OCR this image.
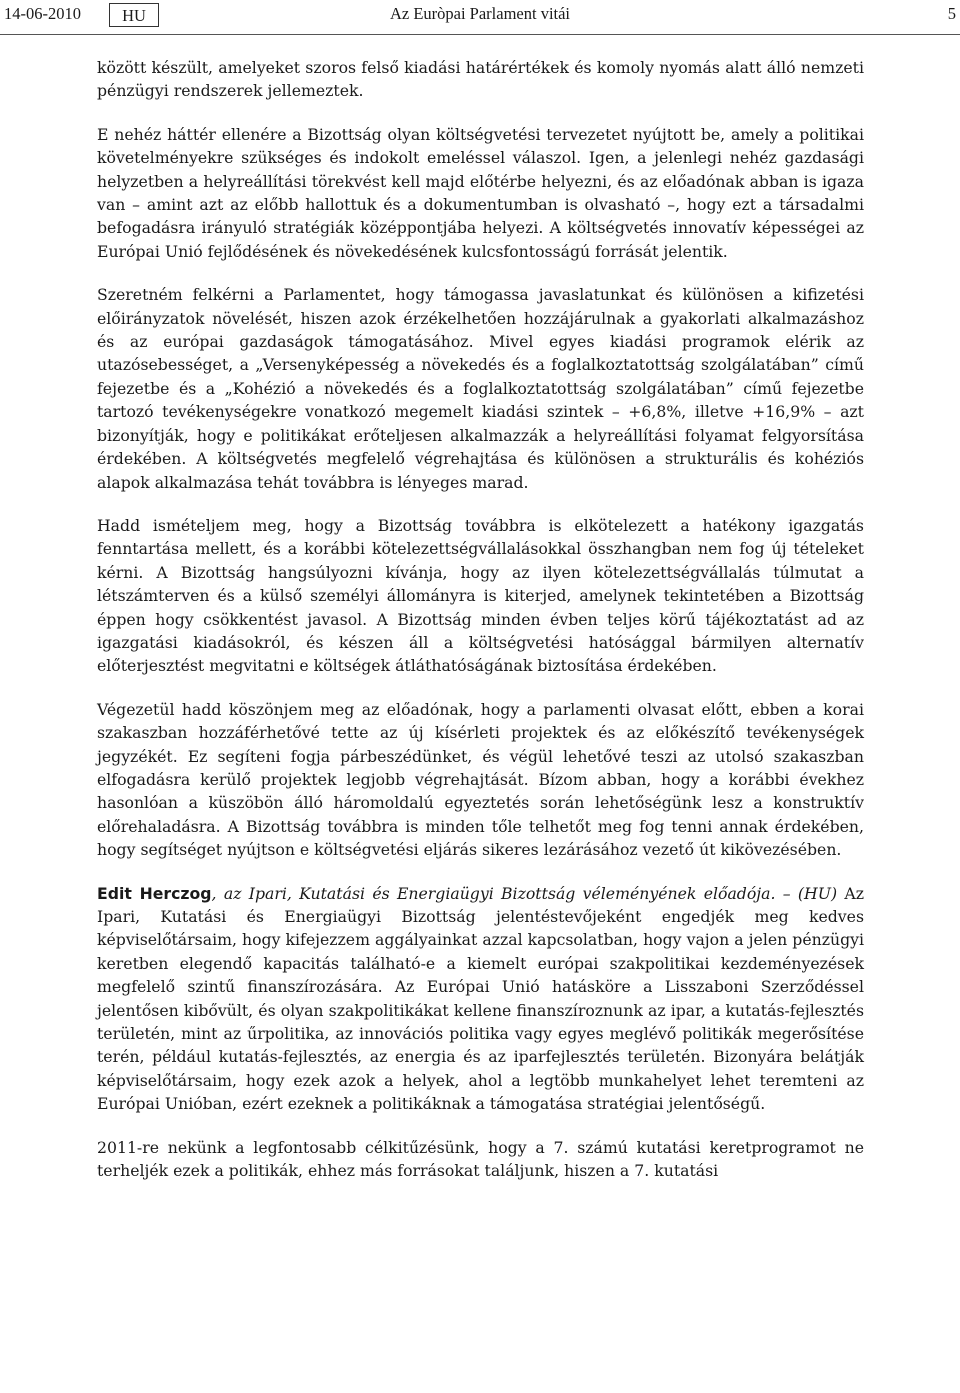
14-06-2010	HU	Az Euròpai Parlament vitái	5

között készült, amelyeket szoros felső kiadási határértékek és komoly nyomás alatt álló nemzeti pénzügyi rendszerek jellemeztek.

E nehéz háttér ellenére a Bizottság olyan költségvetési tervezetet nyújtott be, amely a politikai követelményekre szükséges és indokolt emeléssel válaszol. Igen, a jelenlegi nehéz gazdasági helyzetben a helyreállítási törekvést kell majd előtérbe helyezni, és az előadónak abban is igaza van – amint azt az előbb hallottuk és a dokumentumban is olvasható –, hogy ezt a társadalmi befogadásra irányuló stratégiák középpontjába helyezi. A költségvetés innovatív képességei az Európai Unió fejlődésének és növekedésének kulcsfontosságú forrását jelentik.

Szeretném felkérni a Parlamentet, hogy támogassa javaslatunkat és különösen a kifizetési előirányzatok növelését, hiszen azok érzékelhetően hozzájárulnak a gyakorlati alkalmazáshoz és az európai gazdaságok támogatásához. Mivel egyes kiadási programok elérik az utazósebességet, a „Versenyképesség a növekedés és a foglalkoztatottság szolgálatában” című fejezetbe és a „Kohézió a növekedés és a foglalkoztatottság szolgálatában” című fejezetbe tartozó tevékenységekre vonatkozó megemelt kiadási szintek – +6,8%, illetve +16,9% – azt bizonyítják, hogy e politikákat erőteljesen alkalmazzák a helyreállítási folyamat felgyorsítása érdekében. A költségvetés megfelelő végrehajtása és különösen a strukturális és kohéziós alapok alkalmazása tehát továbbra is lényeges marad.

Hadd ismételjem meg, hogy a Bizottság továbbra is elkötelezett a hatékony igazgatás fenntartása mellett, és a korábbi kötelezettségvállalásokkal összhangban nem fog új tételeket kérni. A Bizottság hangsúlyozni kívánja, hogy az ilyen kötelezettségvállalás túlmutat a létszámterven és a külső személyi állományra is kiterjed, amelynek tekintetében a Bizottság éppen hogy csökkentést javasol. A Bizottság minden évben teljes körű tájékoztatást ad az igazgatási kiadásokról, és készen áll a költségvetési hatósággal bármilyen alternatív előterjesztést megvitatni e költségek átláthatóságának biztosítása érdekében.

Végezetül hadd köszönjem meg az előadónak, hogy a parlamenti olvasat előtt, ebben a korai szakaszban hozzáférhetővé tette az új kísérleti projektek és az előkészítő tevékenységek jegyzékét. Ez segíteni fogja párbeszédünket, és végül lehetővé teszi az utolsó szakaszban elfogadásra kerülő projektek legjobb végrehajtását. Bízom abban, hogy a korábbi évekhez hasonlóan a küszöbön álló háromoldalú egyeztetés során lehetőségünk lesz a konstruktív előrehaladásra. A Bizottság továbbra is minden tőle telhetőt meg fog tenni annak érdekében, hogy segítséget nyújtson e költségvetési eljárás sikeres lezárásához vezető út kikövezésében.

Edit Herczog, az Ipari, Kutatási és Energiaügyi Bizottság véleményének előadója. – (HU) Az Ipari, Kutatási és Energiaügyi Bizottság jelentéstevőjeként engedjék meg kedves képviselőtársaim, hogy kifejezzem aggályainkat azzal kapcsolatban, hogy vajon a jelen pénzügyi keretben elegendő kapacitás található-e a kiemelt európai szakpolitikai kezdeményezések megfelelő szintű finanszírozására. Az Európai Unió hatásköre a Lisszaboni Szerződéssel jelentősen kibővült, és olyan szakpolitikákat kellene finanszíroznunk az ipar, a kutatás-fejlesztés területén, mint az űrpolitika, az innovációs politika vagy egyes meglévő politikák megerősítése terén, például kutatás-fejlesztés, az energia és az iparfejlesztés területén. Bizonyára belátják képviselőtársaim, hogy ezek azok a helyek, ahol a legtöbb munkahelyet lehet teremteni az Európai Unióban, ezért ezeknek a politikáknak a támogatása stratégiai jelentőségű.

2011-re nekünk a legfontosabb célkitűzésünk, hogy a 7. számú kutatási keretprogramot ne terheljék ezek a politikák, ehhez más forrásokat találjunk, hiszen a 7. kutatási
